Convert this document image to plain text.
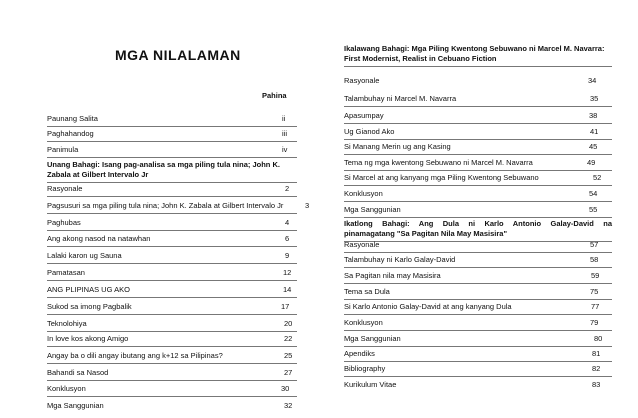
MGA NILALAMAN
Pahina
Paunang Salita	ii
Paghahandog	iii
Panimula	iv
Unang Bahagi: Isang pag-analisa sa mga piling tula nina; John K. Zabala at Gilbert Intervalo Jr
Rasyonale	2
Pagsusuri sa mga piling tula nina; John K. Zabala at Gilbert Intervalo Jr	3
Paghubas	4
Ang akong nasod na natawhan	6
Lalaki karon ug Sauna	9
Pamatasan	12
ANG PLIPINAS UG AKO	14
Sukod sa imong Pagbalik	17
Teknolohiya	20
In love kos akong Amigo	22
Angay ba o dili angay ibutang ang k+12 sa Pilipinas?	25
Bahandi sa Nasod	27
Konklusyon	30
Mga Sanggunian	32
Ikalawang Bahagi: Mga Piling Kwentong Sebuwano ni Marcel M. Navarra: First Modernist, Realist in Cebuano Fiction
Rasyonale	34
Talambuhay ni Marcel M. Navarra	35
Apasumpay	38
Ug Gianod Ako	41
Si Manang Merin ug ang Kasing	45
Tema ng mga kwentong Sebuwano ni Marcel M. Navarra	49
Si Marcel at ang kanyang mga Piling Kwentong Sebuwano	52
Konklusyon	54
Mga Sanggunian	55
Ikatlong Bahagi: Ang Dula ni Karlo Antonio Galay-David na
pinamagatang "Sa Pagitan Nila May Masisira"
Rasyonale	57
Talambuhay ni Karlo Galay-David	58
Sa Pagitan nila may Masisira	59
Tema sa Dula	75
Si Karlo Antonio Galay-David at ang kanyang Dula	77
Konklusyon	79
Mga Sanggunian	80
Apendiks	81
Bibliography	82
Kurikulum Vitae	83
